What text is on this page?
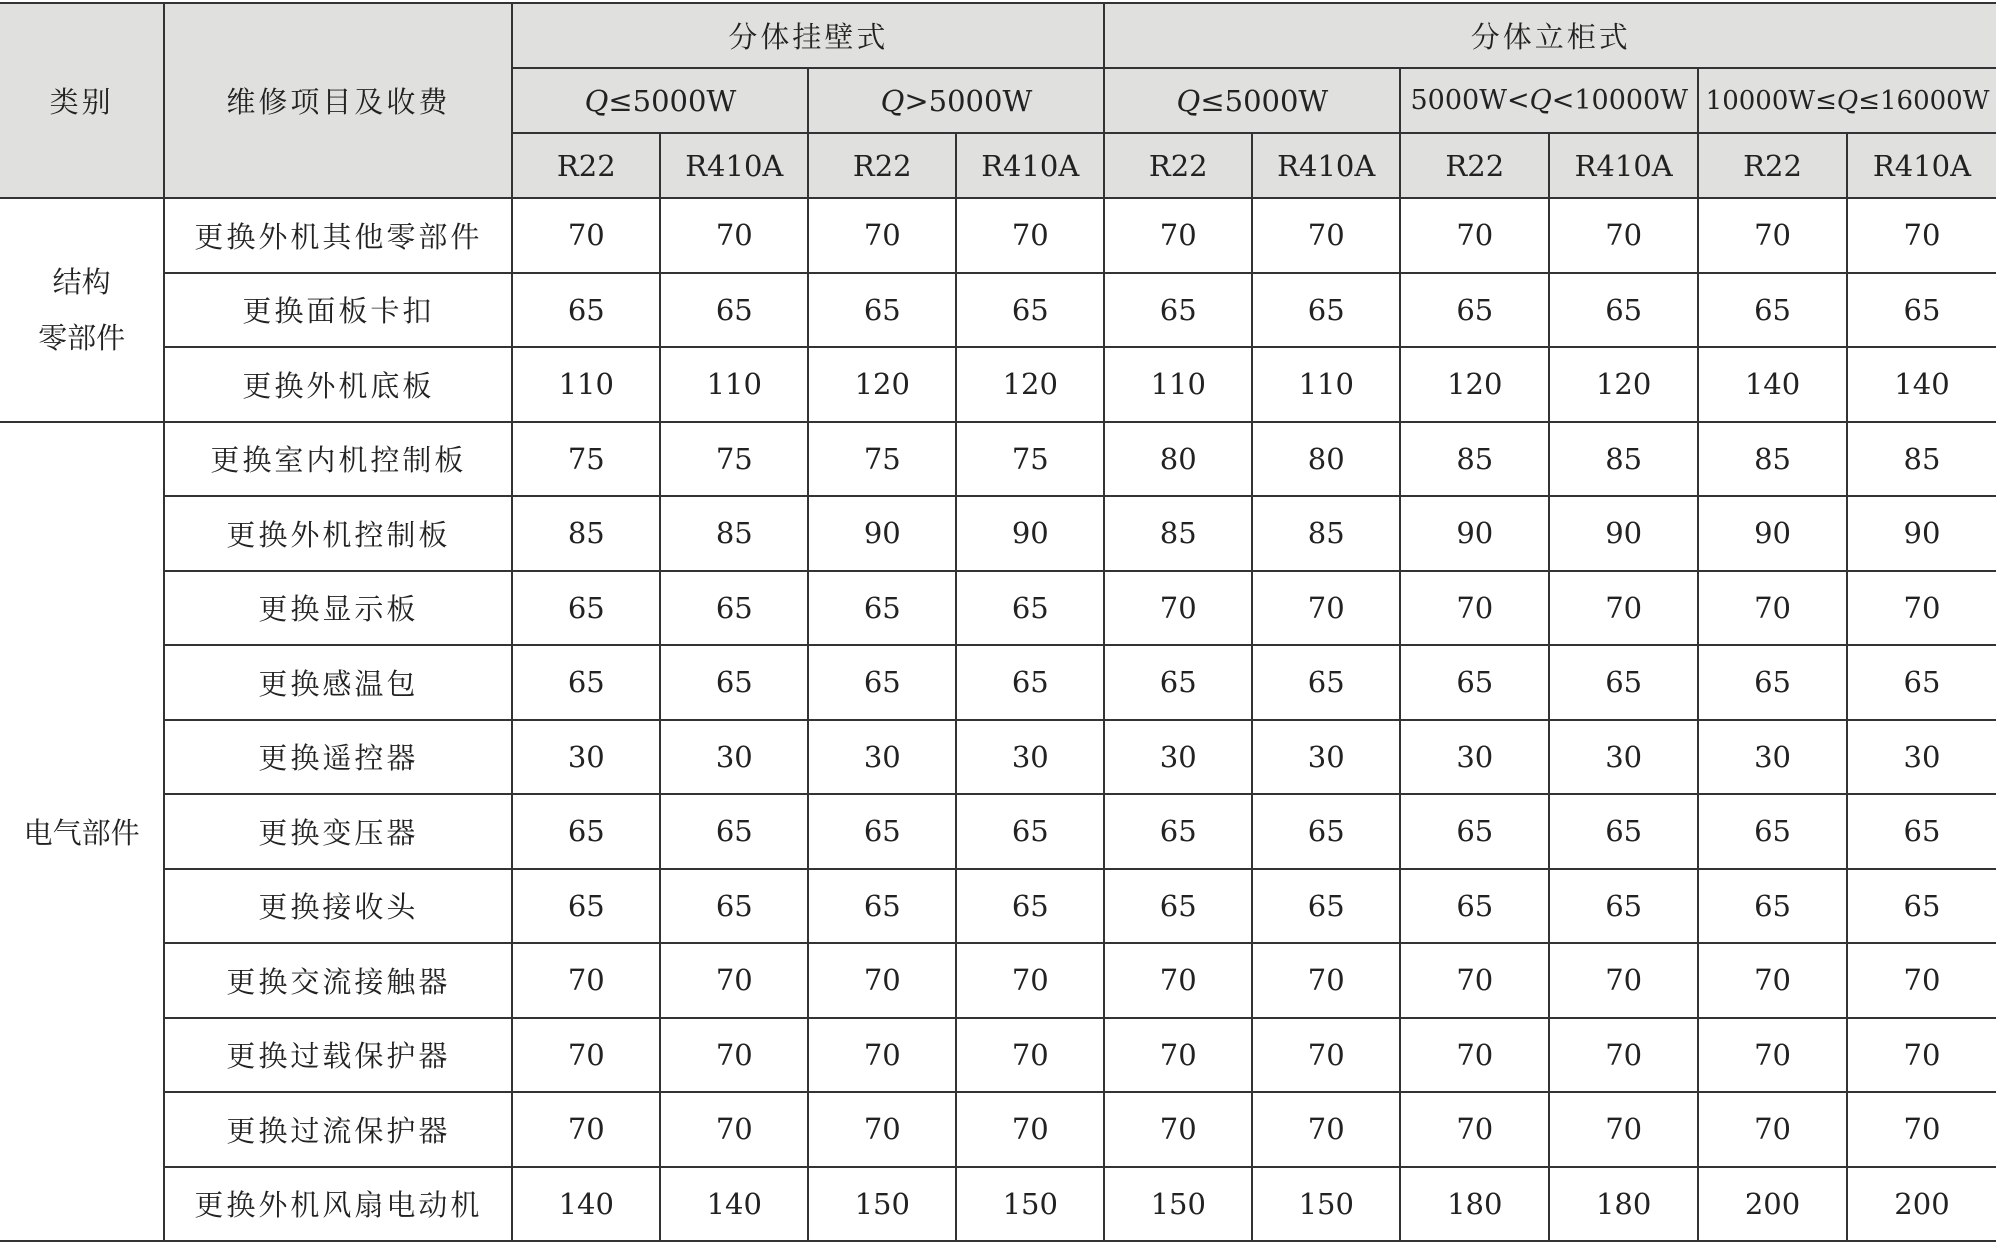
类别	维修项目及收费	分体挂壁式				分体立柜式					
		Q≤5000W		Q>5000W		Q≤5000W		5000W<Q<10000W		10000W≤Q≤16000W	
		R22	R410A	R22	R410A	R22	R410A	R22	R410A	R22	R410A

结构
零部件	更换外机其他零部件	70	70	70	70	70	70	70	70	70	70
	更换面板卡扣	65	65	65	65	65	65	65	65	65	65
	更换外机底板	110	110	120	120	110	110	120	120	140	140
电气部件	更换室内机控制板	75	75	75	75	80	80	85	85	85	85
	更换外机控制板	85	85	90	90	85	85	90	90	90	90
	更换显示板	65	65	65	65	70	70	70	70	70	70
	更换感温包	65	65	65	65	65	65	65	65	65	65
	更换遥控器	30	30	30	30	30	30	30	30	30	30
	更换变压器	65	65	65	65	65	65	65	65	65	65
	更换接收头	65	65	65	65	65	65	65	65	65	65
	更换交流接触器	70	70	70	70	70	70	70	70	70	70
	更换过载保护器	70	70	70	70	70	70	70	70	70	70
	更换过流保护器	70	70	70	70	70	70	70	70	70	70
	更换外机风扇电动机	140	140	150	150	150	150	180	180	200	200
